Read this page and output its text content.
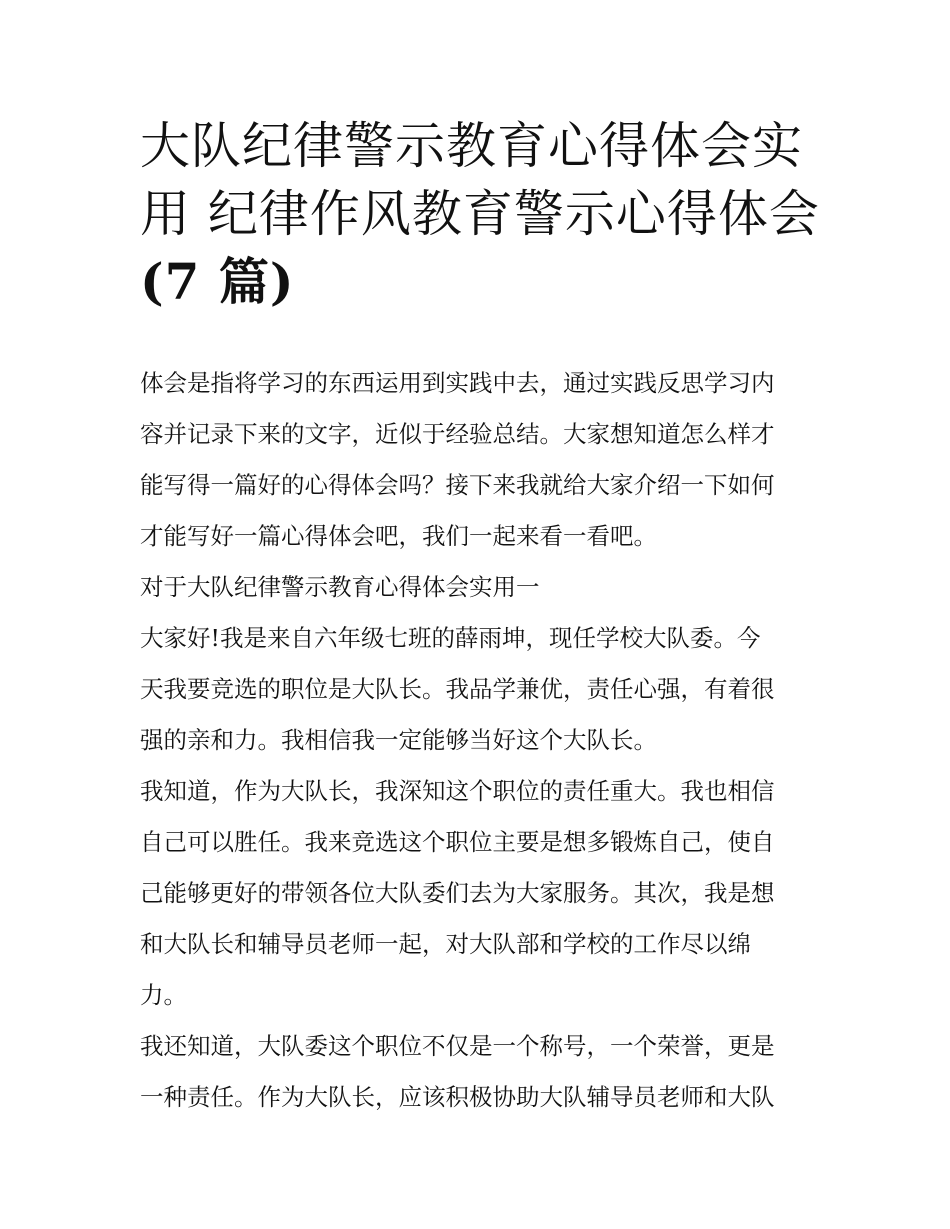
大队纪律警示教育心得体会实
用 纪律作风教育警示心得体会
(7 篇)

体会是指将学习的东西运用到实践中去，通过实践反思学习内
容并记录下来的文字，近似于经验总结。大家想知道怎么样才
能写得一篇好的心得体会吗？接下来我就给大家介绍一下如何
才能写好一篇心得体会吧，我们一起来看一看吧。

对于大队纪律警示教育心得体会实用一

大家好!我是来自六年级七班的薛雨坤，现任学校大队委。今
天我要竞选的职位是大队长。我品学兼优，责任心强，有着很
强的亲和力。我相信我一定能够当好这个大队长。

我知道，作为大队长，我深知这个职位的责任重大。我也相信
自己可以胜任。我来竞选这个职位主要是想多锻炼自己，使自
己能够更好的带领各位大队委们去为大家服务。其次，我是想
和大队长和辅导员老师一起，对大队部和学校的工作尽以绵
力。

我还知道，大队委这个职位不仅是一个称号，一个荣誉，更是
一种责任。作为大队长，应该积极协助大队辅导员老师和大队
